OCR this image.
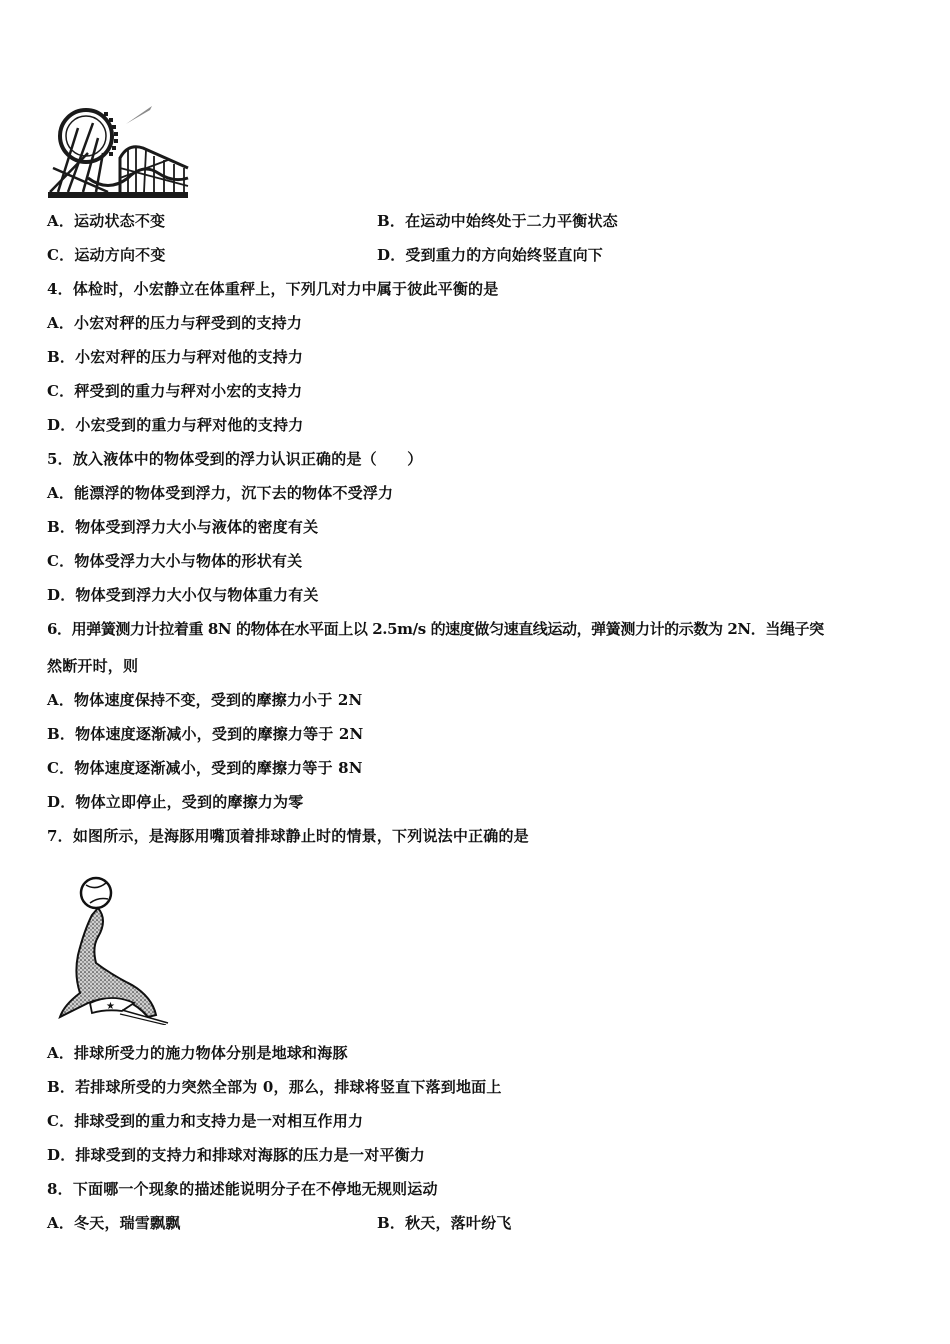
A．运动状态不变	B．在运动中始终处于二力平衡状态
C．运动方向不变	D．受到重力的方向始终竖直向下
4．体检时，小宏静立在体重秤上，下列几对力中属于彼此平衡的是
A．小宏对秤的压力与秤受到的支持力
B．小宏对秤的压力与秤对他的支持力
C．秤受到的重力与秤对小宏的支持力
D．小宏受到的重力与秤对他的支持力
5．放入液体中的物体受到的浮力认识正确的是（　　）
A．能漂浮的物体受到浮力，沉下去的物体不受浮力
B．物体受到浮力大小与液体的密度有关
C．物体受浮力大小与物体的形状有关
D．物体受到浮力大小仅与物体重力有关
6．用弹簧测力计拉着重 8N 的物体在水平面上以 2.5m/s 的速度做匀速直线运动，弹簧测力计的示数为 2N．当绳子突
然断开时，则
A．物体速度保持不变，受到的摩擦力小于 2N
B．物体速度逐渐减小，受到的摩擦力等于 2N
C．物体速度逐渐减小，受到的摩擦力等于 8N
D．物体立即停止，受到的摩擦力为零
7．如图所示，是海豚用嘴顶着排球静止时的情景，下列说法中正确的是
★
A．排球所受力的施力物体分别是地球和海豚
B．若排球所受的力突然全部为 0，那么，排球将竖直下落到地面上
C．排球受到的重力和支持力是一对相互作用力
D．排球受到的支持力和排球对海豚的压力是一对平衡力
8．下面哪一个现象的描述能说明分子在不停地无规则运动
A．冬天，瑞雪飘飘	B．秋天，落叶纷飞
